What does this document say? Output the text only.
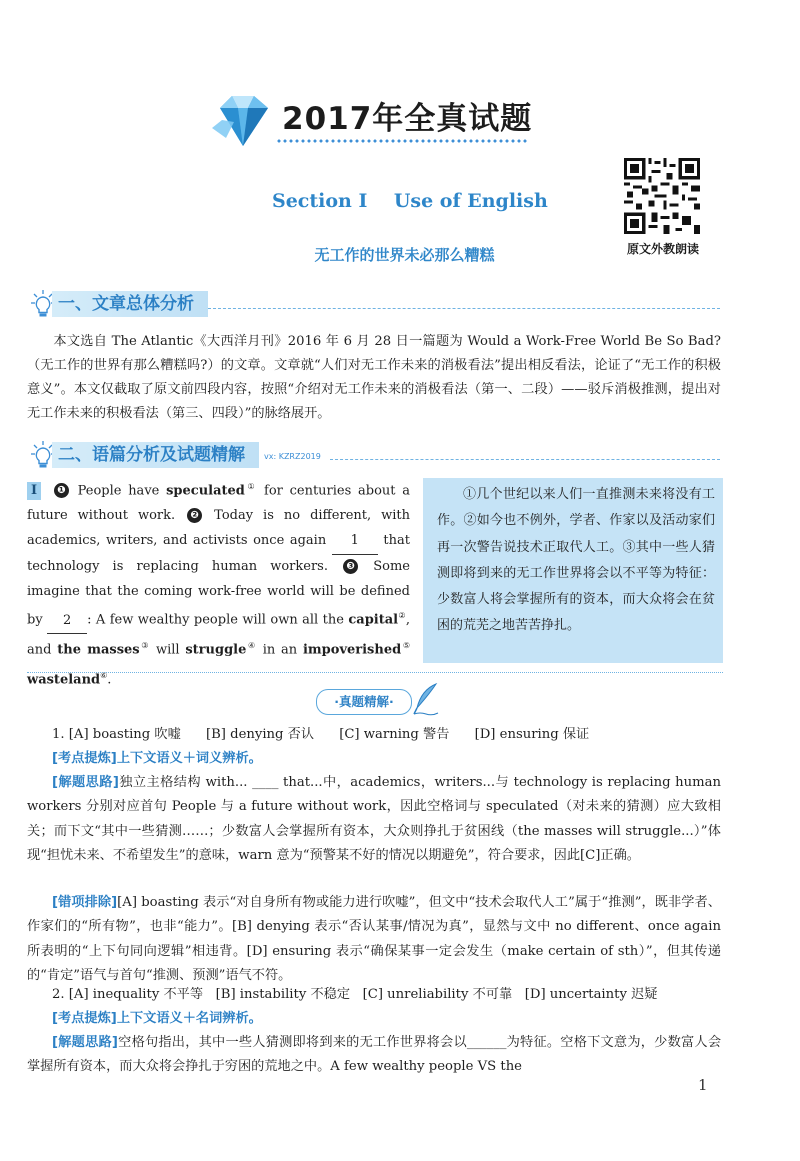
2017年全真试题
Section Ⅰ    Use of English
无工作的世界未必那么糟糕	原文外教朗读
一、文章总体分析
本文选自 The Atlantic《大西洋月刊》2016 年 6 月 28 日一篇题为 Would a Work-Free World Be So Bad?（无工作的世界有那么糟糕吗?）的文章。文章就“人们对无工作未来的消极看法”提出相反看法，论证了“无工作的积极意义”。本文仅截取了原文前四段内容，按照“介绍对无工作未来的消极看法（第一、二段）——驳斥消极推测，提出对无工作未来的积极看法（第三、四段）”的脉络展开。
二、语篇分析及试题精解	vx: KZRZ2019
Ⅰ ❶ People have speculated① for centuries about a future without work. ❷ Today is no different, with academics, writers, and activists once again 1 that technology is replacing human workers. ❸ Some imagine that the coming work-free world will be defined by 2 : A few wealthy people will own all the capital②, and the masses③ will struggle④ in an impoverished⑤ wasteland⑥.
①几个世纪以来人们一直推测未来将没有工作。②如今也不例外，学者、作家以及活动家们再一次警告说技术正取代人工。③其中一些人猜测即将到来的无工作世界将会以不平等为特征：少数富人将会掌握所有的资本，而大众将会在贫困的荒芜之地苦苦挣扎。
·真题精解·
1. [A] boasting 吹嘘      [B] denying 否认      [C] warning 警告      [D] ensuring 保证
[考点提炼]上下文语义＋词义辨析。
[解题思路]独立主格结构 with... ____ that...中，academics，writers...与 technology is replacing human workers 分别对应首句 People 与 a future without work，因此空格词与 speculated（对未来的猜测）应大致相关；而下文“其中一些猜测……；少数富人会掌握所有资本，大众则挣扎于贫困线（the masses will struggle...）”体现“担忧未来、不希望发生”的意味，warn 意为“预警某不好的情况以期避免”，符合要求，因此[C]正确。
[错项排除][A] boasting 表示“对自身所有物或能力进行吹嘘”，但文中“技术会取代人工”属于“推测”，既非学者、作家们的“所有物”，也非“能力”。[B] denying 表示“否认某事/情况为真”，显然与文中 no different、once again 所表明的“上下句同向逻辑”相违背。[D] ensuring 表示“确保某事一定会发生（make certain of sth）”，但其传递的“肯定”语气与首句“推测、预测”语气不符。
2. [A] inequality 不平等   [B] instability 不稳定   [C] unreliability 不可靠   [D] uncertainty 迟疑
[考点提炼]上下文语义＋名词辨析。
[解题思路]空格句指出，其中一些人猜测即将到来的无工作世界将会以______为特征。空格下文意为，少数富人会掌握所有资本，而大众将会挣扎于穷困的荒地之中。A few wealthy people VS the
1
